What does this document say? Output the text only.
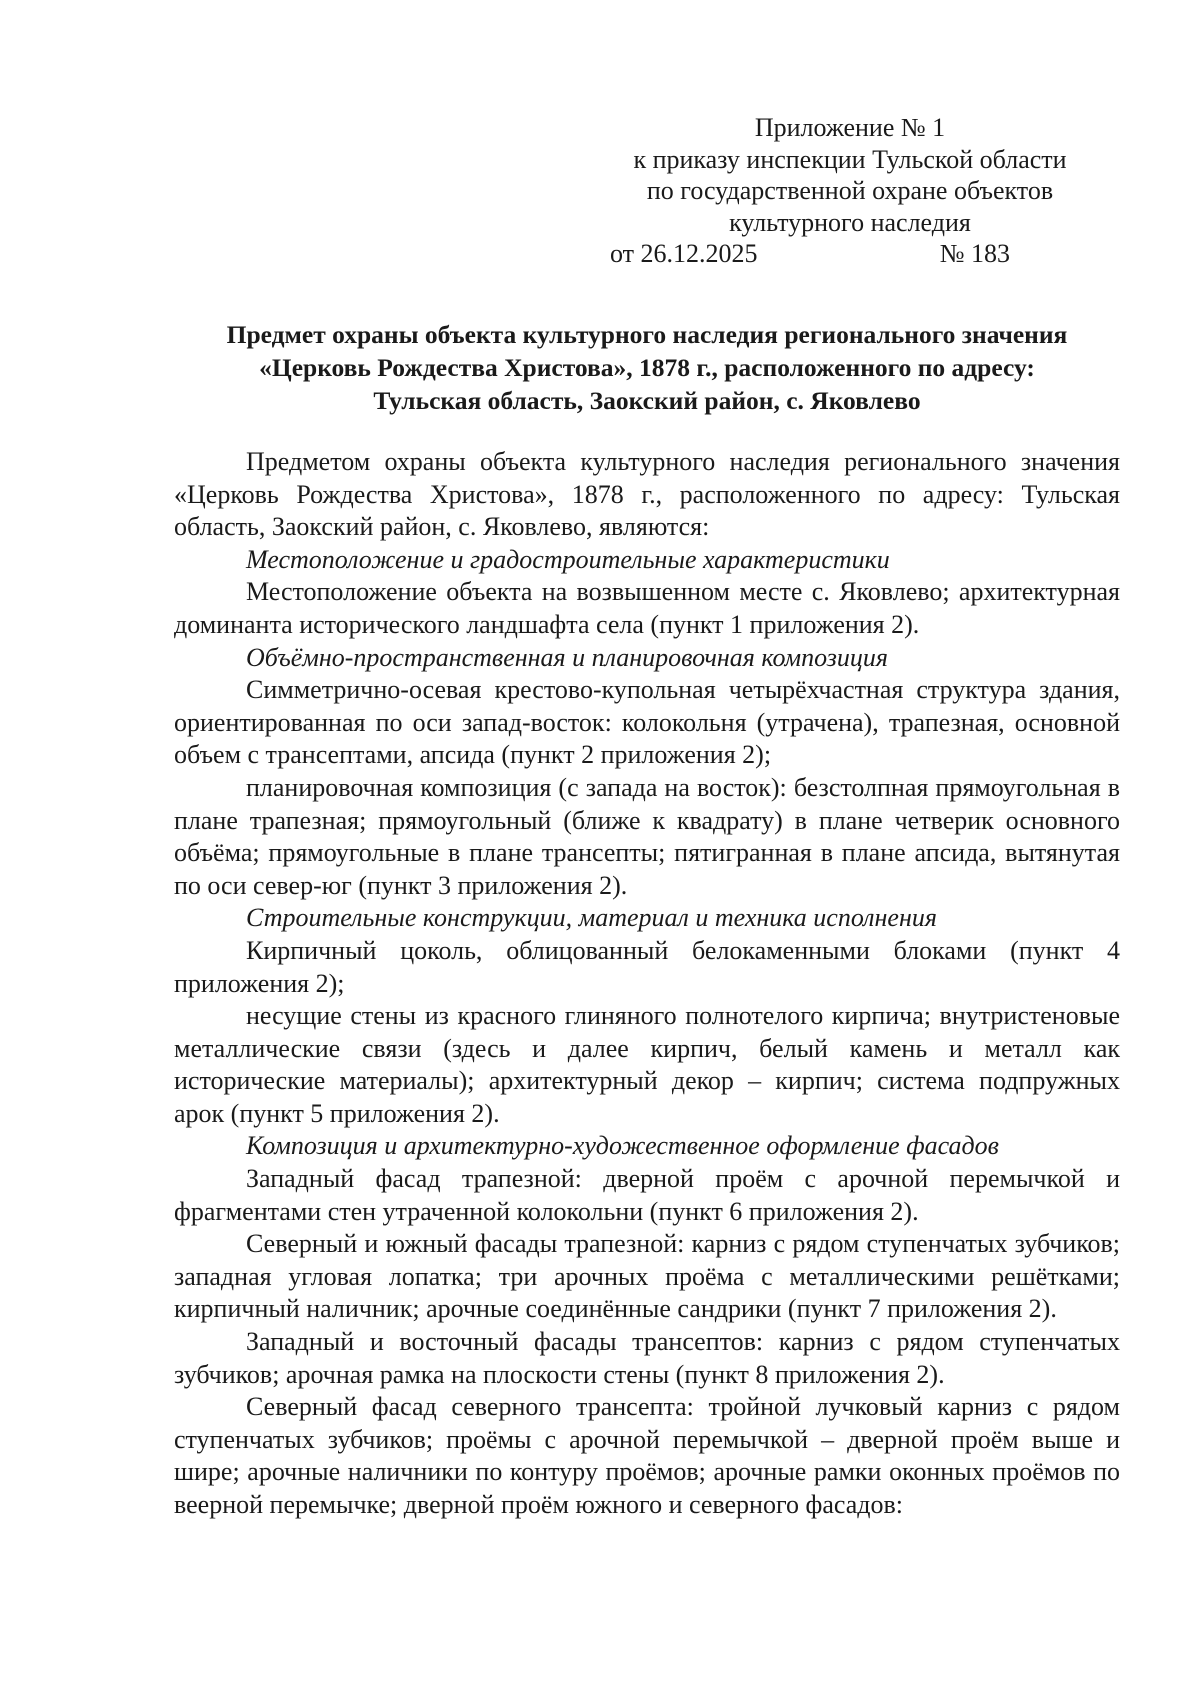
Приложение № 1
к приказу инспекции Тульской области
по государственной охране объектов
культурного наследия
от 26.12.2025	№ 183
Предмет охраны объекта культурного наследия регионального значения
«Церковь Рождества Христова», 1878 г., расположенного по адресу:
Тульская область, Заокский район, с. Яковлево

Предметом охраны объекта культурного наследия регионального значения «Церковь Рождества Христова», 1878 г., расположенного по адресу: Тульская область, Заокский район, с. Яковлево, являются:

Местоположение и градостроительные характеристики

Местоположение объекта на возвышенном месте с. Яковлево; архитектурная доминанта исторического ландшафта села (пункт 1 приложения 2).

Объёмно-пространственная и планировочная композиция

Симметрично-осевая крестово-купольная четырёхчастная структура здания, ориентированная по оси запад-восток: колокольня (утрачена), трапезная, основной объем с трансептами, апсида (пункт 2 приложения 2);

планировочная композиция (с запада на восток): безстолпная прямоугольная в плане трапезная; прямоугольный (ближе к квадрату) в плане четверик основного объёма; прямоугольные в плане трансепты; пятигранная в плане апсида, вытянутая по оси север-юг (пункт 3 приложения 2).

Строительные конструкции, материал и техника исполнения

Кирпичный цоколь, облицованный белокаменными блоками (пункт 4 приложения 2);

несущие стены из красного глиняного полнотелого кирпича; внутристеновые металлические связи (здесь и далее кирпич, белый камень и металл как исторические материалы); архитектурный декор – кирпич; система подпружных арок (пункт 5 приложения 2).

Композиция и архитектурно-художественное оформление фасадов

Западный фасад трапезной: дверной проём с арочной перемычкой и фрагментами стен утраченной колокольни (пункт 6 приложения 2).

Северный и южный фасады трапезной: карниз с рядом ступенчатых зубчиков; западная угловая лопатка; три арочных проёма с металлическими решётками; кирпичный наличник; арочные соединённые сандрики (пункт 7 приложения 2).

Западный и восточный фасады трансептов: карниз с рядом ступенчатых зубчиков; арочная рамка на плоскости стены (пункт 8 приложения 2).

Северный фасад северного трансепта: тройной лучковый карниз с рядом ступенчатых зубчиков; проёмы с арочной перемычкой – дверной проём выше и шире; арочные наличники по контуру проёмов; арочные рамки оконных проёмов по веерной перемычке; дверной проём южного и северного фасадов:
